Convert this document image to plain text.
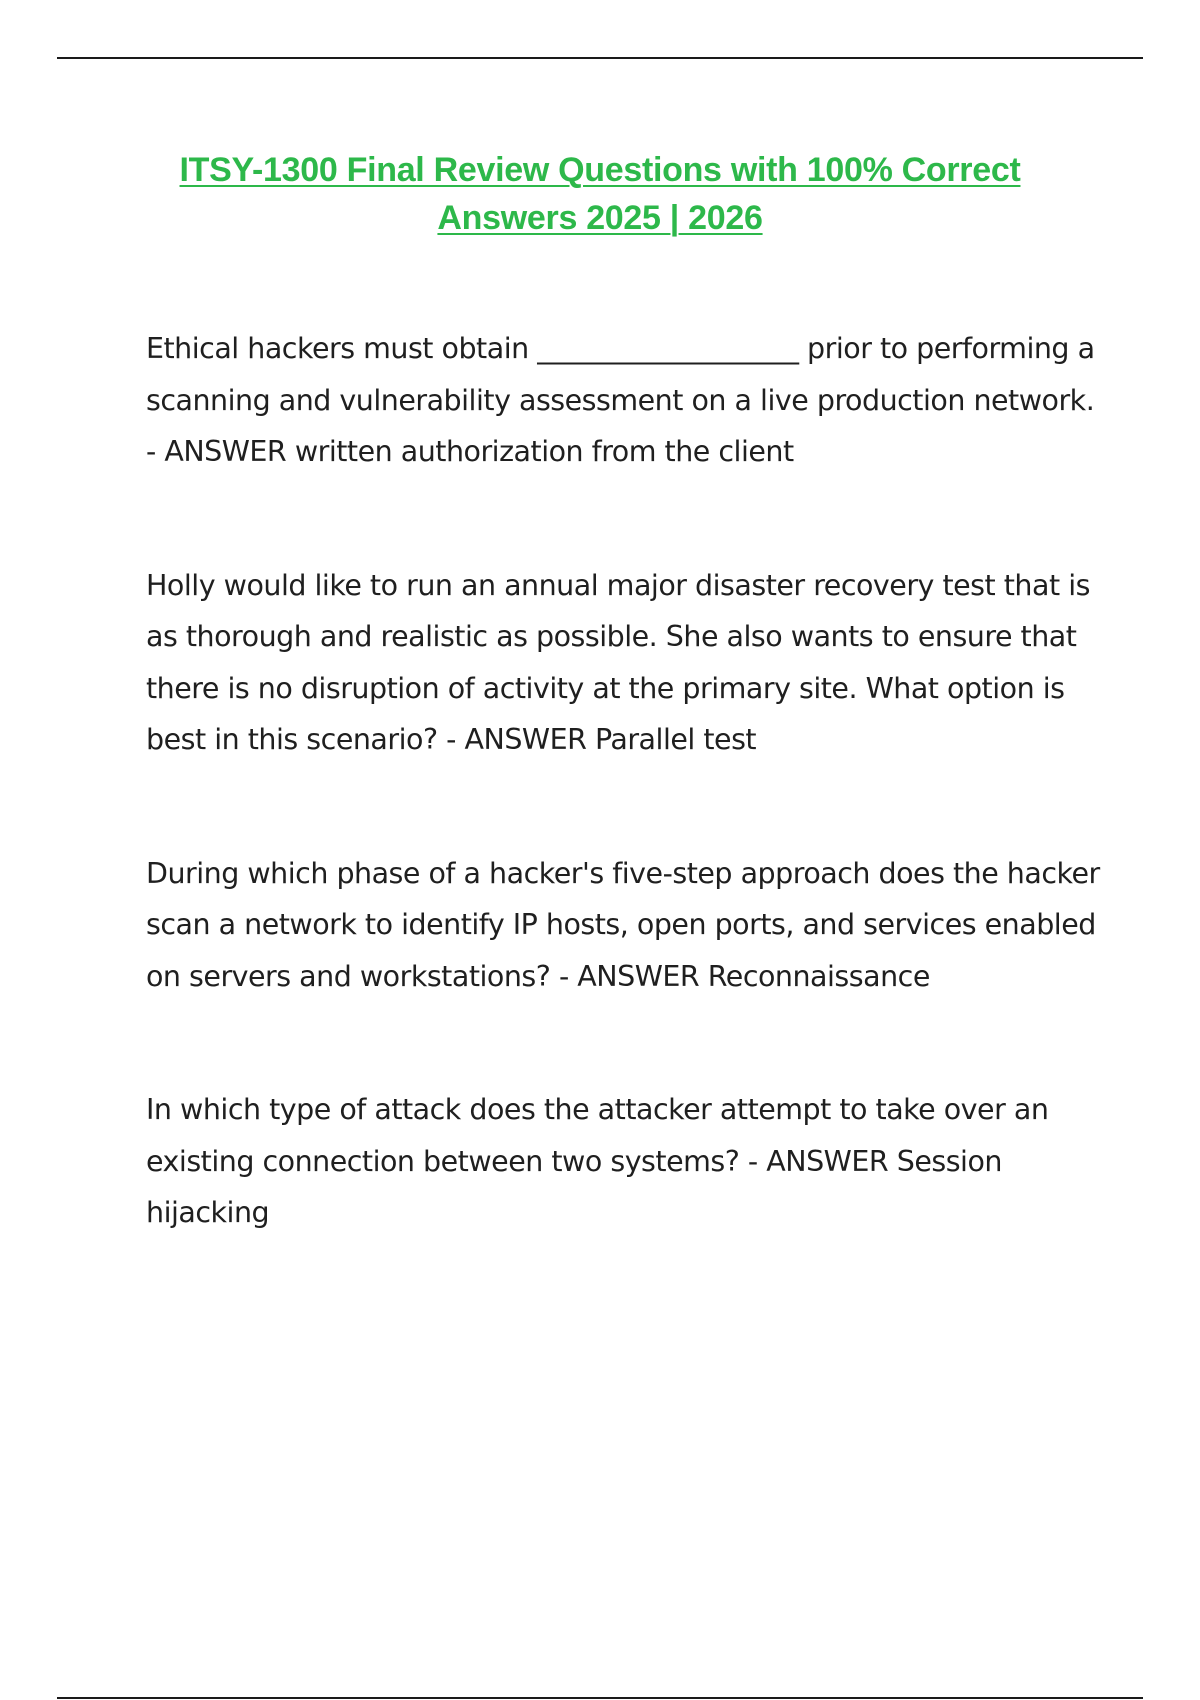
ITSY-1300 Final Review Questions with 100% Correct
Answers 2025 | 2026

Ethical hackers must obtain ___________________ prior to performing a scanning and vulnerability assessment on a live production network. - ANSWER written authorization from the client

Holly would like to run an annual major disaster recovery test that is as thorough and realistic as possible. She also wants to ensure that there is no disruption of activity at the primary site. What option is best in this scenario? - ANSWER Parallel test

During which phase of a hacker's five-step approach does the hacker scan a network to identify IP hosts, open ports, and services enabled on servers and workstations? - ANSWER Reconnaissance

In which type of attack does the attacker attempt to take over an existing connection between two systems? - ANSWER Session hijacking
